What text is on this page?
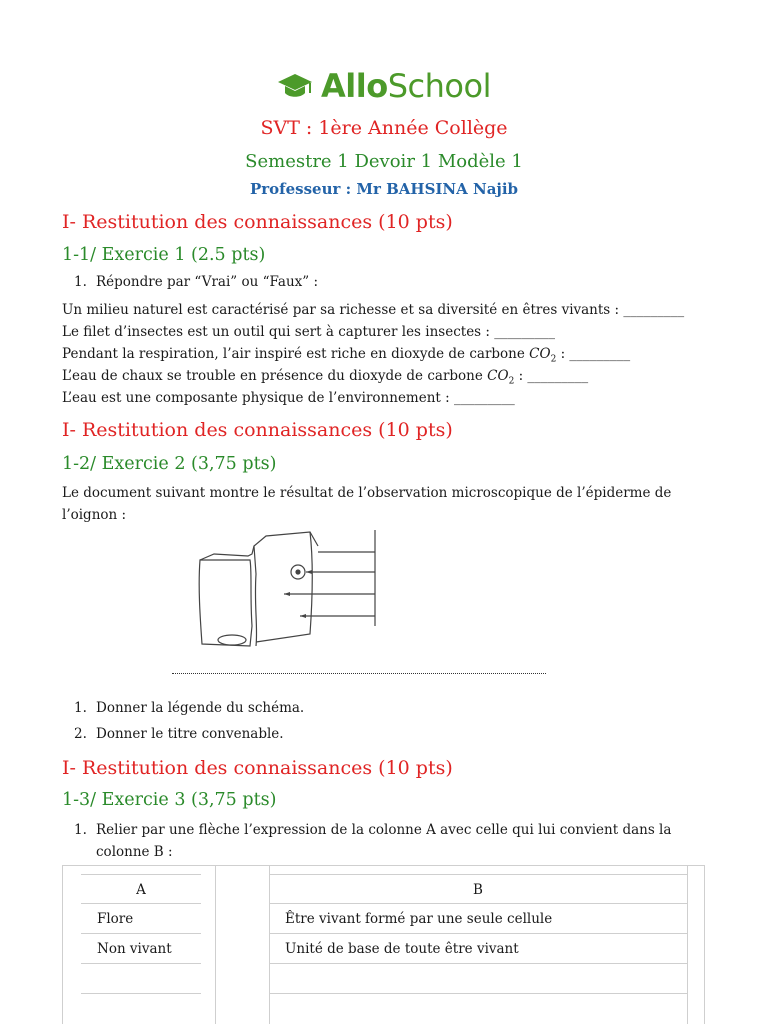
AlloSchool
SVT : 1ère Année Collège
Semestre 1 Devoir 1 Modèle 1
Professeur : Mr BAHSINA Najib
I- Restitution des connaissances (10 pts)
1-1/ Exercie 1 (2.5 pts)
1. Répondre par “Vrai” ou “Faux” :
Un milieu naturel est caractérisé par sa richesse et sa diversité en êtres vivants : _________
Le filet d’insectes est un outil qui sert à capturer les insectes : _________
Pendant la respiration, l’air inspiré est riche en dioxyde de carbone $CO_2$ : _________
L’eau de chaux se trouble en présence du dioxyde de carbone $CO_2$ : _________
L’eau est une composante physique de l’environnement : _________
I- Restitution des connaissances (10 pts)
1-2/ Exercie 2 (3,75 pts)
Le document suivant montre le résultat de l’observation microscopique de l’épiderme de l’oignon :
1. Donner la légende du schéma.
2. Donner le titre convenable.
I- Restitution des connaissances (10 pts)
1-3/ Exercie 3 (3,75 pts)
1. Relier par une flèche l’expression de la colonne A avec celle qui lui convient dans la colonne B :
A	B
Flore	Être vivant formé par une seule cellule
Non vivant	Unité de base de toute être vivant
